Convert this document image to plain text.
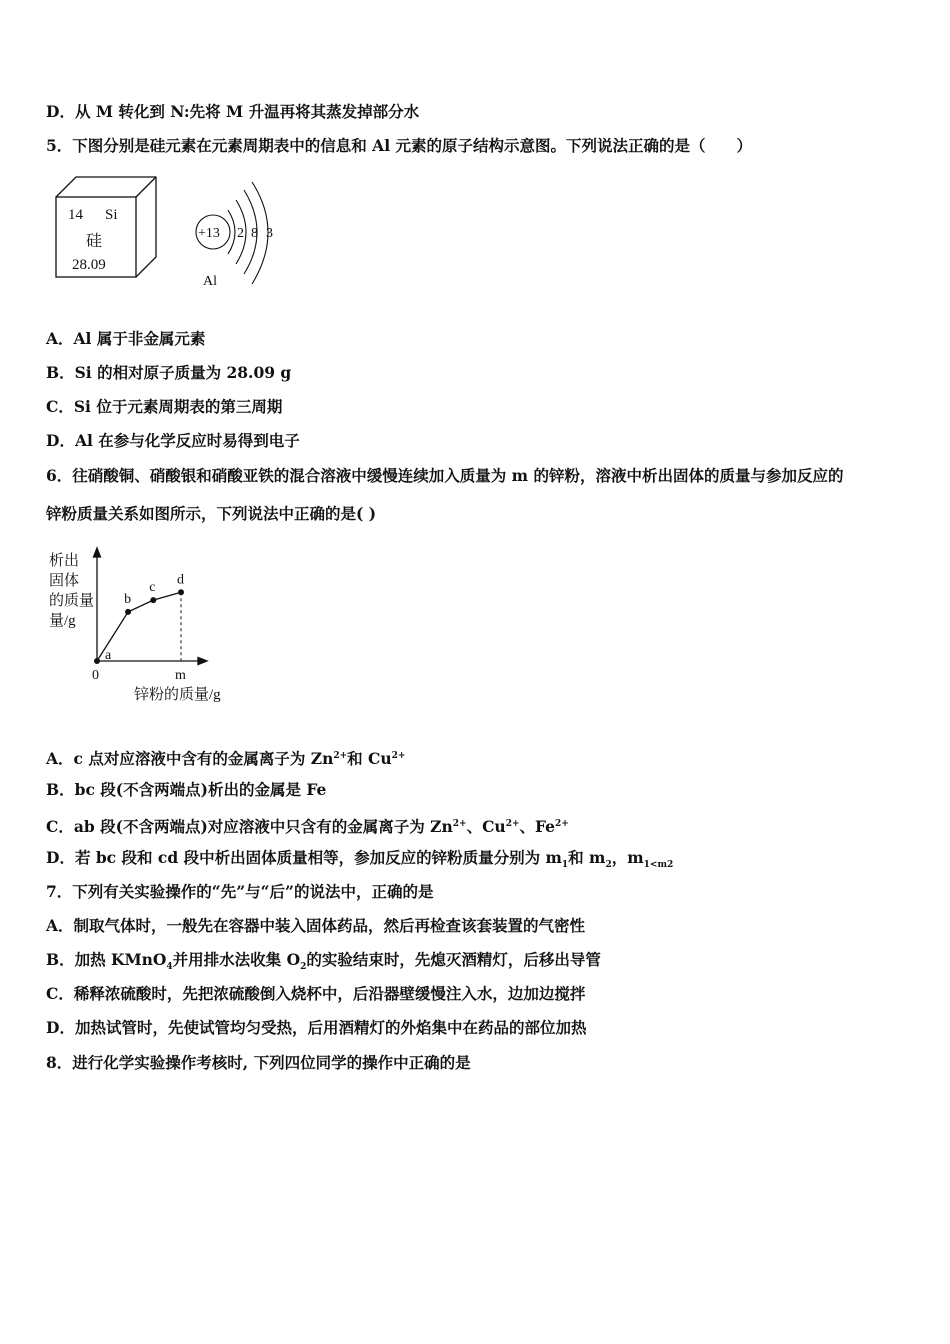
D．从 M 转化到 N:先将 M 升温再将其蒸发掉部分水
5．下图分别是硅元素在元素周期表中的信息和 Al 元素的原子结构示意图。下列说法正确的是（　　）
14 Si
硅
28.09
+13 2 8 3
Al
A．Al 属于非金属元素
B．Si 的相对原子质量为 28.09 g
C．Si 位于元素周期表的第三周期
D．Al 在参与化学反应时易得到电子
6．往硝酸铜、硝酸银和硝酸亚铁的混合溶液中缓慢连续加入质量为 m 的锌粉，溶液中析出固体的质量与参加反应的
锌粉质量关系如图所示，下列说法中正确的是( )
析出
固体
的质量
量/g
0	m
锌粉的质量/g
a
b
c
d
A．c 点对应溶液中含有的金属离子为 $Zn^{2+}$和 $Cu^{2+}$
B．bc 段(不含两端点)析出的金属是 Fe
C．ab 段(不含两端点)对应溶液中只含有的金属离子为 $Zn^{2+}$、$Cu^{2+}$、$Fe^{2+}$
D．若 bc 段和 cd 段中析出固体质量相等，参加反应的锌粉质量分别为 $m_1$和 $m_2$，$m_{1<m2}$
7．下列有关实验操作的“先”与“后”的说法中，正确的是
A．制取气体时，一般先在容器中装入固体药品，然后再检查该套装置的气密性
B．加热 KMnO$_4$并用排水法收集 $O_2$的实验结束时，先熄灭酒精灯，后移出导管
C．稀释浓硫酸时，先把浓硫酸倒入烧杯中，后沿器壁缓慢注入水，边加边搅拌
D．加热试管时，先使试管均匀受热，后用酒精灯的外焰集中在药品的部位加热
8．进行化学实验操作考核时, 下列四位同学的操作中正确的是
